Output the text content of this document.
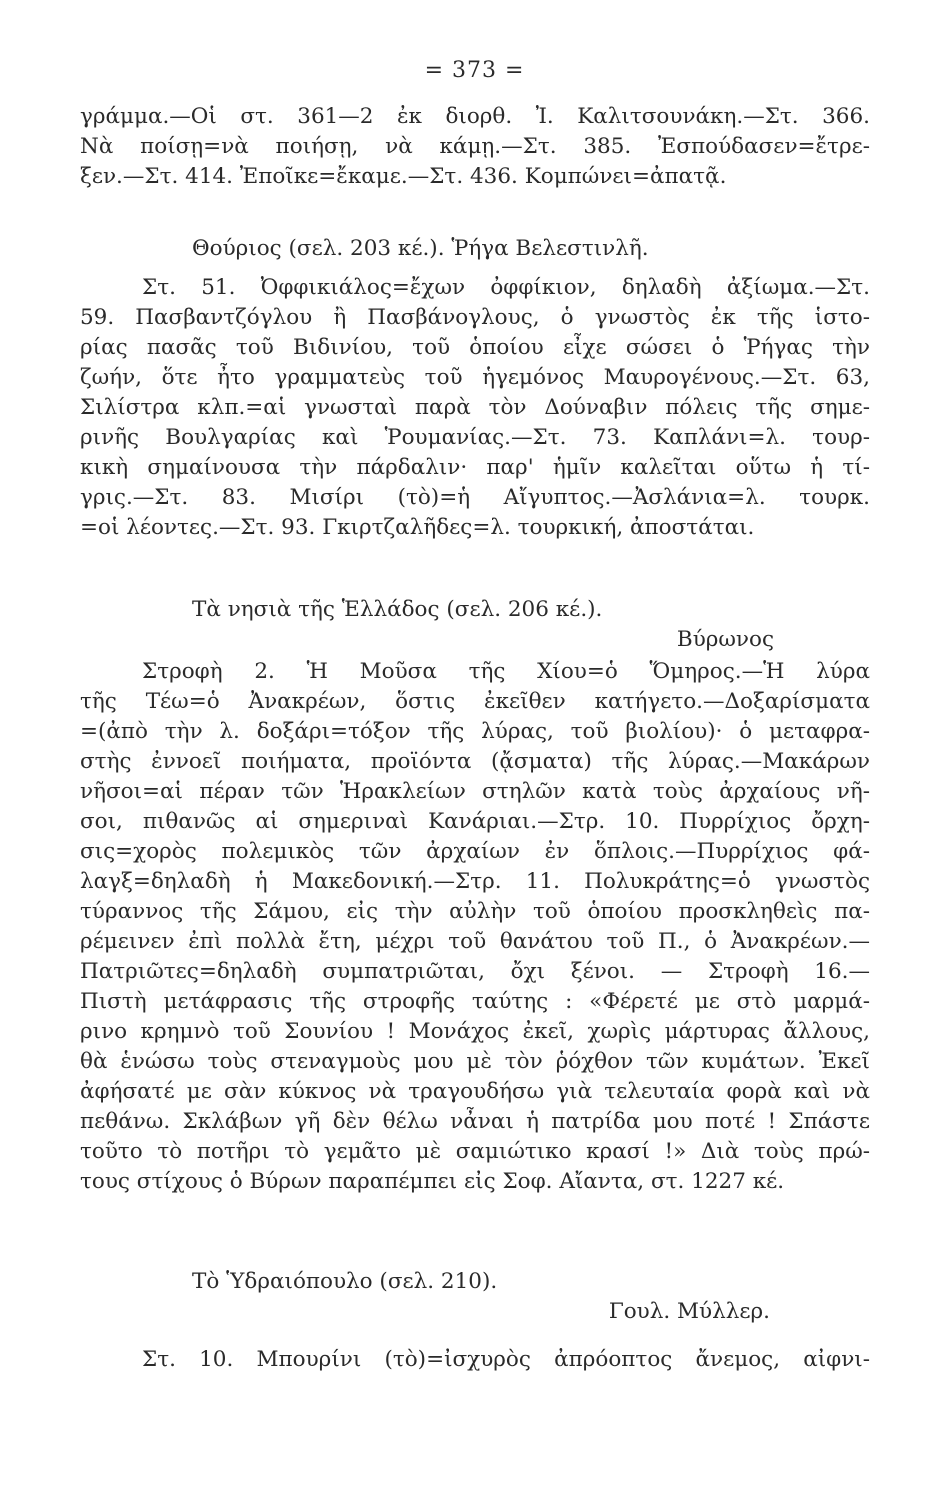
= 373 =
γράμμα.—Οἱ στ. 361—2 ἐκ διορθ. Ἰ. Καλιτσουνάκη.—Στ. 366.
Νὰ ποίσῃ=νὰ ποιήσῃ, νὰ κάμῃ.—Στ. 385. Ἐσπούδασεν=ἔτρε-
ξεν.—Στ. 414. Ἐποῖκε=ἔκαμε.—Στ. 436. Κομπώνει=ἀπατᾷ.
Θούριος (σελ. 203 κέ.). Ῥήγα Βελεστινλῆ.
Στ. 51. Ὀφφικιάλος=ἔχων ὀφφίκιον, δηλαδὴ ἀξίωμα.—Στ.
59. Πασβαντζόγλου ἢ Πασβάνογλους, ὁ γνωστὸς ἐκ τῆς ἱστο-
ρίας πασᾶς τοῦ Βιδινίου, τοῦ ὁποίου εἶχε σώσει ὁ Ῥήγας τὴν
ζωήν, ὅτε ἦτο γραμματεὺς τοῦ ἡγεμόνος Μαυρογένους.—Στ. 63,
Σιλίστρα κλπ.=αἱ γνωσταὶ παρὰ τὸν Δούναβιν πόλεις τῆς σημε-
ρινῆς Βουλγαρίας καὶ Ῥουμανίας.—Στ. 73. Καπλάνι=λ. τουρ-
κικὴ σημαίνουσα τὴν πάρδαλιν· παρ' ἡμῖν καλεῖται οὕτω ἡ τί-
γρις.—Στ. 83. Μισίρι (τὸ)=ἡ Αἴγυπτος.—Ἀσλάνια=λ. τουρκ.
=οἱ λέοντες.—Στ. 93. Γκιρτζαλῆδες=λ. τουρκική, ἀποστάται.
Τὰ νησιὰ τῆς Ἑλλάδος (σελ. 206 κέ.).
Βύρωνος
Στροφὴ 2. Ἡ Μοῦσα τῆς Χίου=ὁ Ὅμηρος.—Ἡ λύρα
τῆς Τέω=ὁ Ἀνακρέων, ὅστις ἐκεῖθεν κατήγετο.—Δοξαρίσματα
=(ἀπὸ τὴν λ. δοξάρι=τόξον τῆς λύρας, τοῦ βιολίου)· ὁ μεταφρα-
στὴς ἐννοεῖ ποιήματα, προϊόντα (ᾄσματα) τῆς λύρας.—Μακάρων
νῆσοι=αἱ πέραν τῶν Ἡρακλείων στηλῶν κατὰ τοὺς ἀρχαίους νῆ-
σοι, πιθανῶς αἱ σημεριναὶ Κανάριαι.—Στρ. 10. Πυρρίχιος ὄρχη-
σις=χορὸς πολεμικὸς τῶν ἀρχαίων ἐν ὅπλοις.—Πυρρίχιος φά-
λαγξ=δηλαδὴ ἡ Μακεδονική.—Στρ. 11. Πολυκράτης=ὁ γνωστὸς
τύραννος τῆς Σάμου, εἰς τὴν αὐλὴν τοῦ ὁποίου προσκληθεὶς πα-
ρέμεινεν ἐπὶ πολλὰ ἔτη, μέχρι τοῦ θανάτου τοῦ Π., ὁ Ἀνακρέων.—
Πατριῶτες=δηλαδὴ συμπατριῶται, ὄχι ξένοι. — Στροφὴ 16.—
Πιστὴ μετάφρασις τῆς στροφῆς ταύτης : «Φέρετέ με στὸ μαρμά-
ρινο κρημνὸ τοῦ Σουνίου ! Μονάχος ἐκεῖ, χωρὶς μάρτυρας ἄλλους,
θὰ ἑνώσω τοὺς στεναγμοὺς μου μὲ τὸν ῥόχθον τῶν κυμάτων. Ἐκεῖ
ἀφήσατέ με σὰν κύκνος νὰ τραγουδήσω γιὰ τελευταία φορὰ καὶ νὰ
πεθάνω. Σκλάβων γῆ δὲν θέλω νἆναι ἡ πατρίδα μου ποτέ ! Σπάστε
τοῦτο τὸ ποτῆρι τὸ γεμᾶτο μὲ σαμιώτικο κρασί !» Διὰ τοὺς πρώ-
τους στίχους ὁ Βύρων παραπέμπει εἰς Σοφ. Αἴαντα, στ. 1227 κέ.
Τὸ Ὑδραιόπουλο (σελ. 210).
Γουλ. Μύλλερ.
Στ. 10. Μπουρίνι (τὸ)=ἰσχυρὸς ἀπρόοπτος ἄνεμος, αἰφνι-
